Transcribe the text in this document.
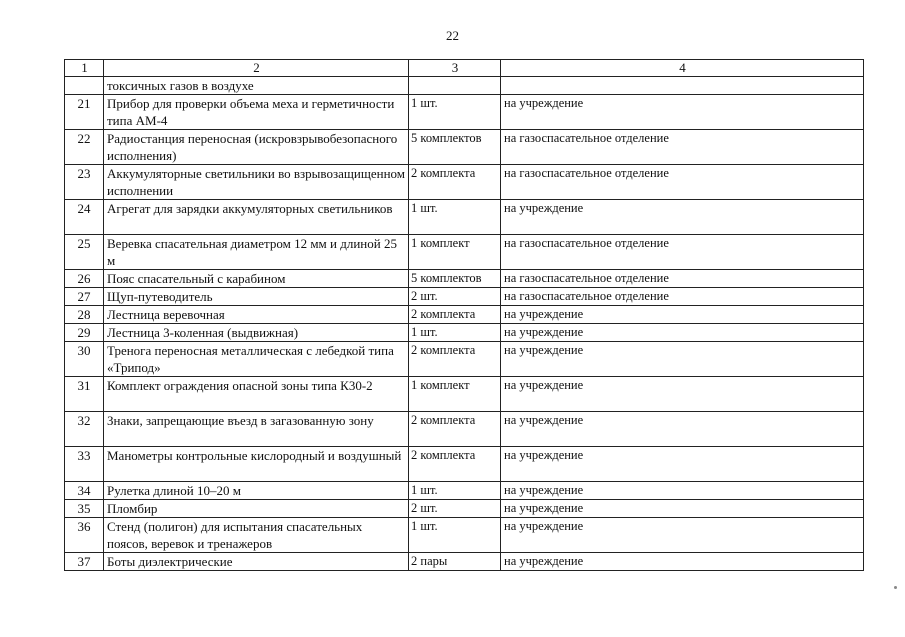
22
1	2	3	4
	токсичных газов в воздухе		
21	Прибор для проверки объема меха и герметичности типа АМ-4	1 шт.	на учреждение
22	Радиостанция переносная (искровзрывобезопасного исполнения)	5 комплектов	на газоспасательное отделение
23	Аккумуляторные светильники во взрывозащищенном исполнении	2 комплекта	на газоспасательное отделение
24	Агрегат для зарядки аккумуляторных светильников	1 шт.	на учреждение
25	Веревка спасательная диаметром 12 мм и длиной 25 м	1 комплект	на газоспасательное отделение
26	Пояс спасательный с карабином	5 комплектов	на газоспасательное отделение
27	Щуп-путеводитель	2 шт.	на газоспасательное отделение
28	Лестница веревочная	2 комплекта	на учреждение
29	Лестница 3-коленная (выдвижная)	1 шт.	на учреждение
30	Тренога переносная металлическая с лебедкой типа «Трипод»	2 комплекта	на учреждение
31	Комплект ограждения опасной зоны типа К30-2	1 комплект	на учреждение
32	Знаки, запрещающие въезд в загазованную зону	2 комплекта	на учреждение
33	Манометры контрольные кислородный и воздушный	2 комплекта	на учреждение
34	Рулетка длиной 10–20 м	1 шт.	на учреждение
35	Пломбир	2 шт.	на учреждение
36	Стенд (полигон) для испытания спасательных поясов, веревок и тренажеров	1 шт.	на учреждение
37	Боты диэлектрические	2 пары	на учреждение
